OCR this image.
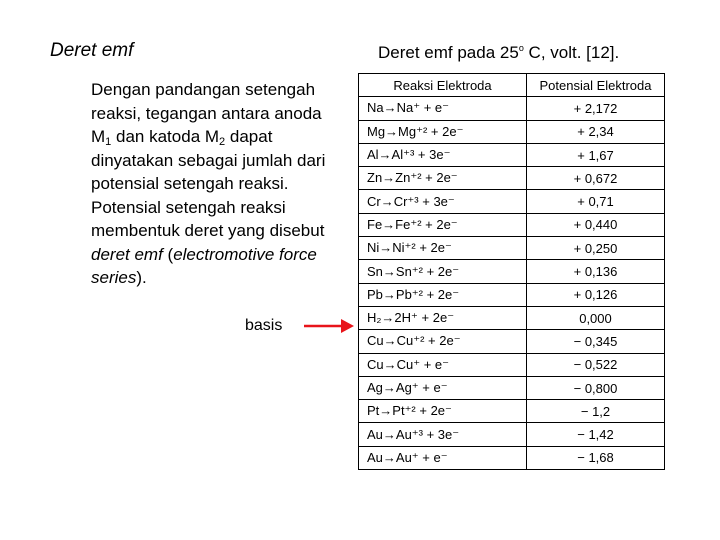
Deret emf
Dengan pandangan setengah reaksi, tegangan antara anoda $M_1$ dan katoda $M_2$ dapat dinyatakan sebagai jumlah dari potensial setengah reaksi. Potensial setengah reaksi membentuk deret yang disebut deret emf (electromotive force series).
Deret emf pada 25$^o$ C, volt. [12].
Reaksi Elektroda	Potensial Elektroda
Na→Na⁺ + e⁻	+ 2,172
Mg→Mg⁺² + 2e⁻	+ 2,34
Al→Al⁺³ + 3e⁻	+ 1,67
Zn→Zn⁺² + 2e⁻	+ 0,672
Cr→Cr⁺³ + 3e⁻	+ 0,71
Fe→Fe⁺² + 2e⁻	+ 0,440
Ni→Ni⁺² + 2e⁻	+ 0,250
Sn→Sn⁺² + 2e⁻	+ 0,136
Pb→Pb⁺² + 2e⁻	+ 0,126
H₂→2H⁺ + 2e⁻	0,000
Cu→Cu⁺² + 2e⁻	− 0,345
Cu→Cu⁺ + e⁻	− 0,522
Ag→Ag⁺ + e⁻	− 0,800
Pt→Pt⁺² + 2e⁻	− 1,2
Au→Au⁺³ + 3e⁻	− 1,42
Au→Au⁺ + e⁻	− 1,68
basis
